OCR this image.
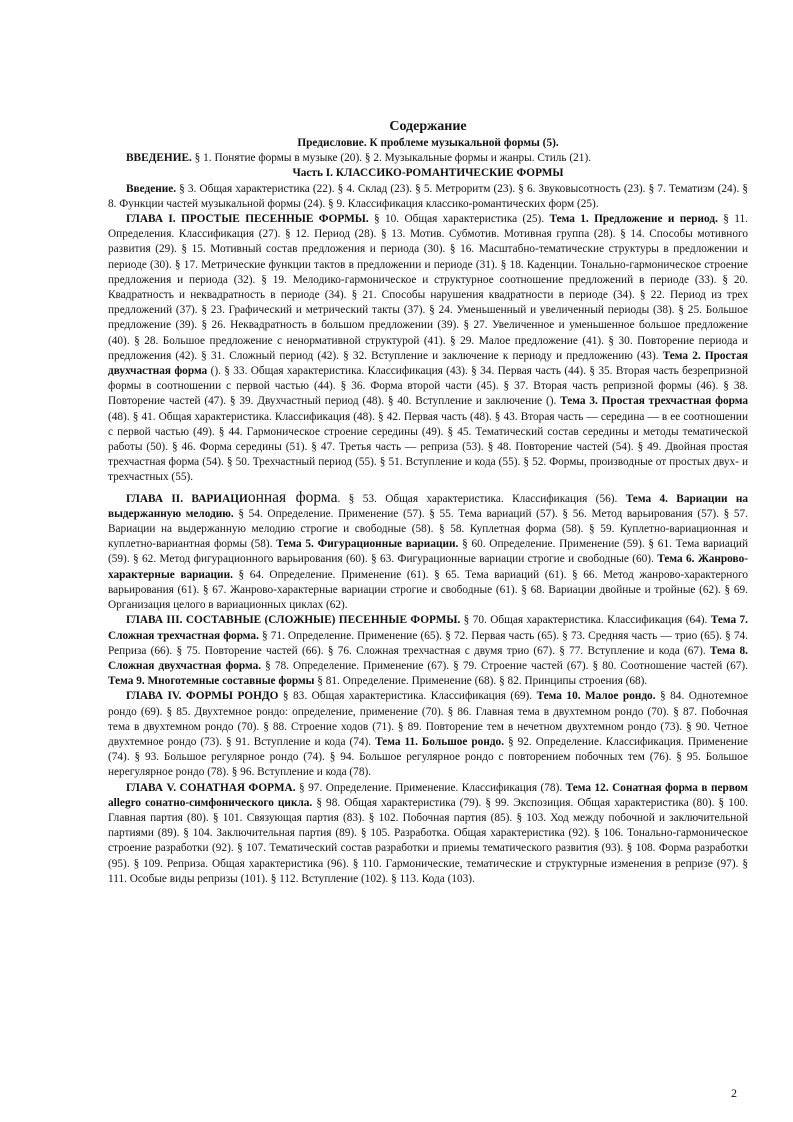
Содержание

Предисловие. К проблеме музыкальной формы (5).

ВВЕДЕНИЕ. § 1. Понятие формы в музыке (20). § 2. Музыкальные формы и жанры. Стиль (21).

Часть I. КЛАССИКО-РОМАНТИЧЕСКИЕ ФОРМЫ

Введение. § 3. Общая характеристика (22). § 4. Склад (23). § 5. Метроритм (23). § 6. Звуковысотность (23). § 7. Тематизм (24). § 8. Функции частей музыкальной формы (24). § 9. Классификация классико-романтических форм (25).

ГЛАВА I. ПРОСТЫЕ ПЕСЕННЫЕ ФОРМЫ. § 10. Общая характеристика (25). Тема 1. Предложение и период. § 11. Определения. Классификация (27). § 12. Период (28). § 13. Мотив. Субмотив. Мотивная группа (28). § 14. Способы мотивного развития (29). § 15. Мотивный состав предложения и периода (30). § 16. Масштабно-тематические структуры в предложении и периоде (30). § 17. Метрические функции тактов в предложении и периоде (31). § 18. Каденции. Тонально-гармоническое строение предложения и периода (32). § 19. Мелодико-гармоническое и структурное соотношение предложений в периоде (33). § 20. Квадратность и неквадратность в периоде (34). § 21. Способы нарушения квадратности в периоде (34). § 22. Период из трех предложений (37). § 23. Графический и метрический такты (37). § 24. Уменьшенный и увеличенный периоды (38). § 25. Большое предложение (39). § 26. Неквадратность в большом предложении (39). § 27. Увеличенное и уменьшенное большое предложение (40). § 28. Большое предложение с ненормативной структурой (41). § 29. Малое предложение (41). § 30. Повторение периода и предложения (42). § 31. Сложный период (42). § 32. Вступление и заключение к периоду и предложению (43). Тема 2. Простая двухчастная форма (). § 33. Общая характеристика. Классификация (43). § 34. Первая часть (44). § 35. Вторая часть безрепризной формы в соотношении с первой частью (44). § 36. Форма второй части (45). § 37. Вторая часть репризной формы (46). § 38. Повторение частей (47). § 39. Двухчастный период (48). § 40. Вступление и заключение (). Тема 3. Простая трехчастная форма (48). § 41. Общая характеристика. Классификация (48). § 42. Первая часть (48). § 43. Вторая часть — середина — в ее соотношении с первой частью (49). § 44. Гармоническое строение середины (49). § 45. Тематический состав середины и методы тематической работы (50). § 46. Форма середины (51). § 47. Третья часть — реприза (53). § 48. Повторение частей (54). § 49. Двойная простая трехчастная форма (54). § 50. Трехчастный период (55). § 51. Вступление и кода (55). § 52. Формы, производные от простых двух- и трехчастных (55).

ГЛАВА II. ВАРИАЦИонная форма. § 53. Общая характеристика. Классификация (56). Тема 4. Вариации на выдержанную мелодию. § 54. Определение. Применение (57). § 55. Тема вариаций (57). § 56. Метод варьирования (57). § 57. Вариации на выдержанную мелодию строгие и свободные (58). § 58. Куплетная форма (58). § 59. Куплетно-вариационная и куплетно-вариантная формы (58). Тема 5. Фигурационные вариации. § 60. Определение. Применение (59). § 61. Тема вариаций (59). § 62. Метод фигурационного варьирования (60). § 63. Фигурационные вариации строгие и свободные (60). Тема 6. Жанрово-характерные вариации. § 64. Определение. Применение (61). § 65. Тема вариаций (61). § 66. Метод жанрово-характерного варьирования (61). § 67. Жанрово-характерные вариации строгие и свободные (61). § 68. Вариации двойные и тройные (62). § 69. Организация целого в вариационных циклах (62).

ГЛАВА III. СОСТАВНЫЕ (СЛОЖНЫЕ) ПЕСЕННЫЕ ФОРМЫ. § 70. Общая характеристика. Классификация (64). Тема 7. Сложная трехчастная форма. § 71. Определение. Применение (65). § 72. Первая часть (65). § 73. Средняя часть — трио (65). § 74. Реприза (66). § 75. Повторение частей (66). § 76. Сложная трехчастная с двумя трио (67). § 77. Вступление и кода (67). Тема 8. Сложная двухчастная форма. § 78. Определение. Применение (67). § 79. Строение частей (67). § 80. Соотношение частей (67). Тема 9. Многотемные составные формы § 81. Определение. Применение (68). § 82. Принципы строения (68).

ГЛАВА IV. ФОРМЫ РОНДО § 83. Общая характеристика. Классификация (69). Тема 10. Малое рондо. § 84. Однотемное рондо (69). § 85. Двухтемное рондо: определение, применение (70). § 86. Главная тема в двухтемном рондо (70). § 87. Побочная тема в двухтемном рондо (70). § 88. Строение ходов (71). § 89. Повторение тем в нечетном двухтемном рондо (73). § 90. Четное двухтемное рондо (73). § 91. Вступление и кода (74). Тема 11. Большое рондо. § 92. Определение. Классификация. Применение (74). § 93. Большое регулярное рондо (74). § 94. Большое регулярное рондо с повторением побочных тем (76). § 95. Большое нерегулярное рондо (78). § 96. Вступление и кода (78).

ГЛАВА V. СОНАТНАЯ ФОРМА. § 97. Определение. Применение. Классификация (78). Тема 12. Сонатная форма в первом allegro сонатно-симфонического цикла. § 98. Общая характеристика (79). § 99. Экспозиция. Общая характеристика (80). § 100. Главная партия (80). § 101. Связующая партия (83). § 102. Побочная партия (85). § 103. Ход между побочной и заключительной партиями (89). § 104. Заключительная партия (89). § 105. Разработка. Общая характеристика (92). § 106. Тонально-гармоническое строение разработки (92). § 107. Тематический состав разработки и приемы тематического развития (93). § 108. Форма разработки (95). § 109. Реприза. Общая характеристика (96). § 110. Гармонические, тематические и структурные изменения в репризе (97). § 111. Особые виды репризы (101). § 112. Вступление (102). § 113. Кода (103).

2
